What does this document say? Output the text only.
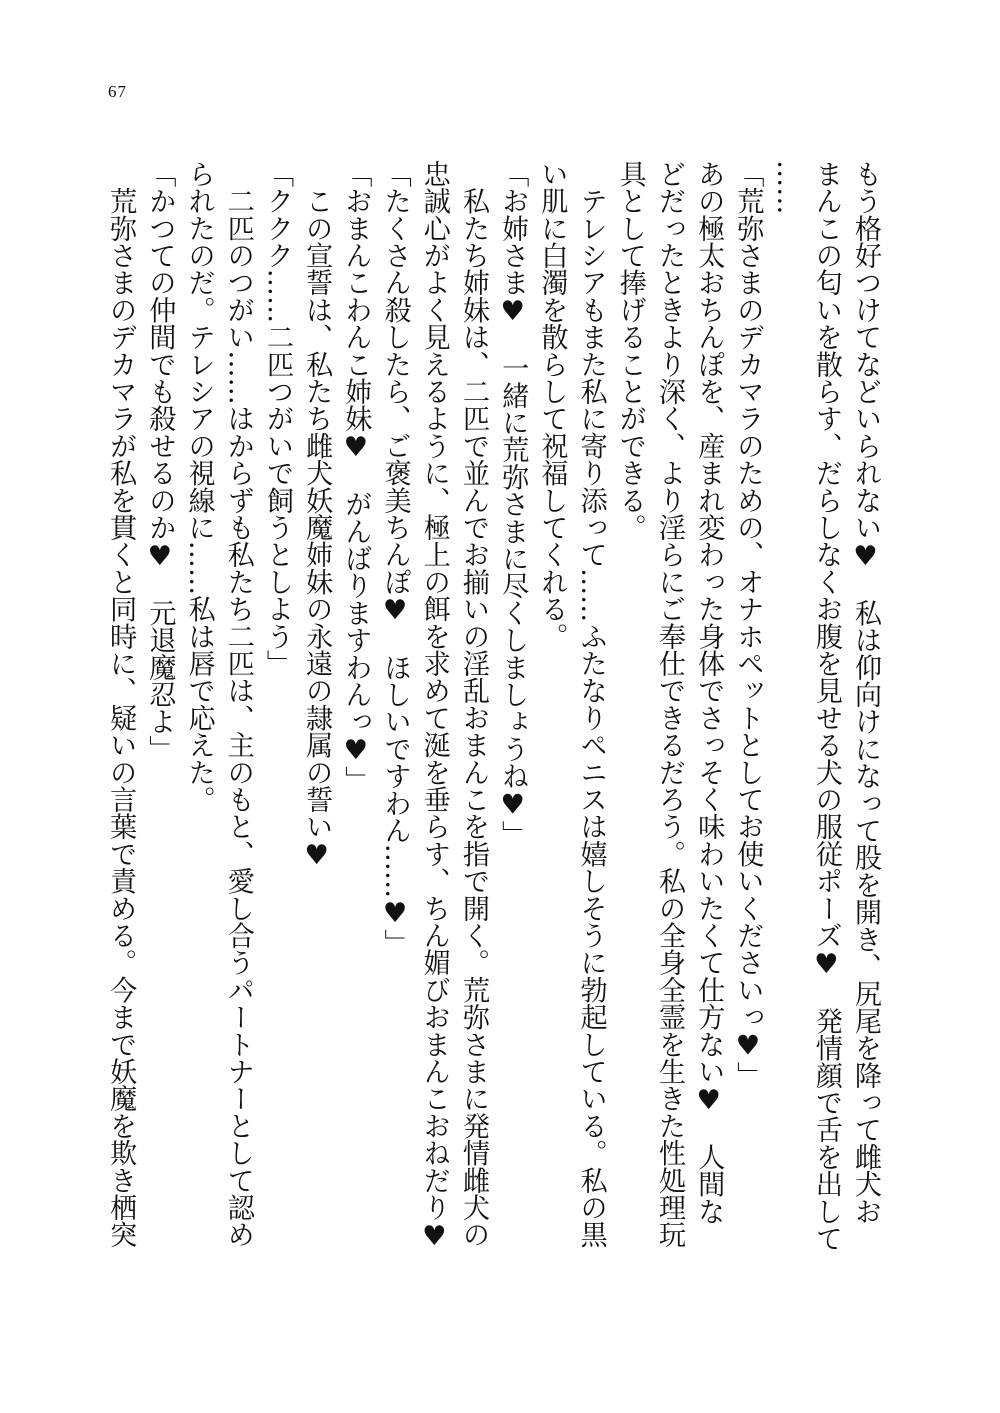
67
もう格好つけてなどいられない♥　私は仰向けになって股を開き、尻尾を降って雌犬お
まんこの匂いを散らす、だらしなくお腹を見せる犬の服従ポーズ♥　発情顔で舌を出して
……
「荒弥さまのデカマラのための、オナホペットとしてお使いくださいっ♥」
あの極太おちんぽを、産まれ変わった身体でさっそく味わいたくて仕方ない♥　人間な
どだったときより深く、より淫らにご奉仕できるだろう。私の全身全霊を生きた性処理玩
具として捧げることができる。
　テレシアもまた私に寄り添って……ふたなりペニスは嬉しそうに勃起している。私の黒
い肌に白濁を散らして祝福してくれる。
「お姉さま♥　一緒に荒弥さまに尽くしましょうね♥」
　私たち姉妹は、二匹で並んでお揃いの淫乱おまんこを指で開く。荒弥さまに発情雌犬の
忠誠心がよく見えるように、極上の餌を求めて涎を垂らす、ちん媚びおまんこおねだり♥
「たくさん殺したら、ご褒美ちんぽ♥　ほしいですわん……♥」
「おまんこわんこ姉妹♥　がんばりますわんっ♥」
　この宣誓は、私たち雌犬妖魔姉妹の永遠の隷属の誓い♥
「ククク……二匹つがいで飼うとしよう」
　二匹のつがい……はからずも私たち二匹は、主のもと、愛し合うパートナーとして認め
られたのだ。テレシアの視線に……私は唇で応えた。
「かつての仲間でも殺せるのか♥　元退魔忍よ」
　荒弥さまのデカマラが私を貫くと同時に、疑いの言葉で責める。今まで妖魔を欺き栖突
